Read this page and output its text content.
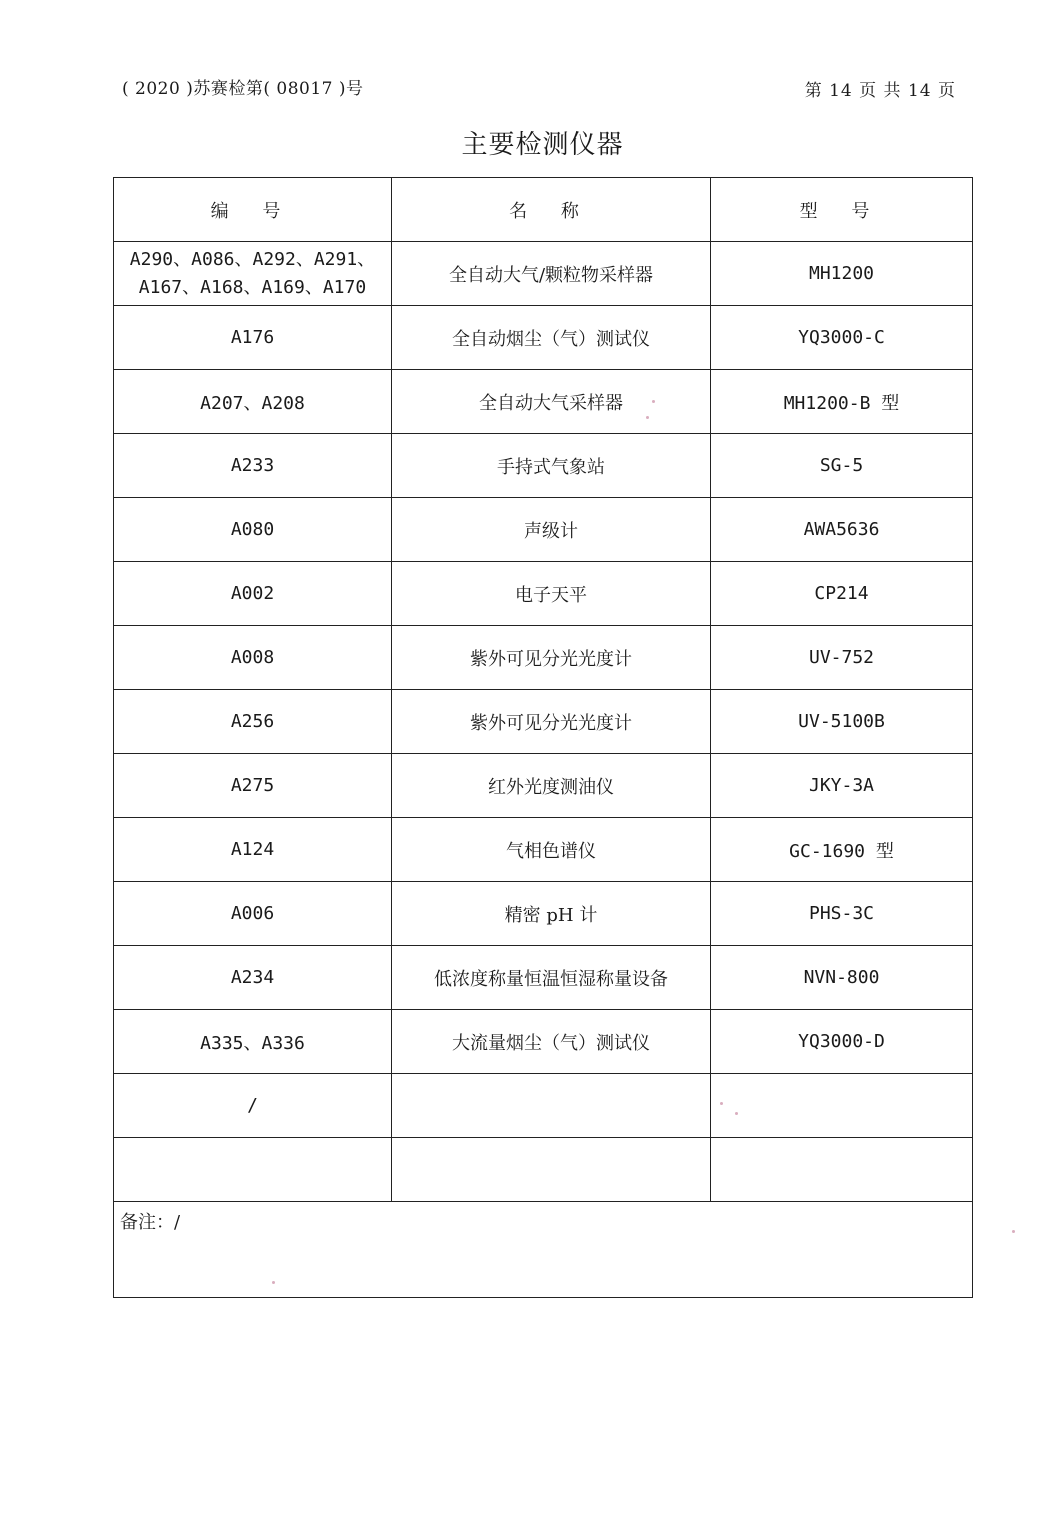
( 2020 )苏赛检第( 08017 )号	第 14 页 共 14 页
主要检测仪器
编 号	名 称	型 号
A290、A086、A292、A291、A167、A168、A169、A170	全自动大气/颗粒物采样器	MH1200
A176	全自动烟尘（气）测试仪	YQ3000-C
A207、A208	全自动大气采样器	MH1200-B 型
A233	手持式气象站	SG-5
A080	声级计	AWA5636
A002	电子天平	CP214
A008	紫外可见分光光度计	UV-752
A256	紫外可见分光光度计	UV-5100B
A275	红外光度测油仪	JKY-3A
A124	气相色谱仪	GC-1690 型
A006	精密 pH 计	PHS-3C
A234	低浓度称量恒温恒湿称量设备	NVN-800
A335、A336	大流量烟尘（气）测试仪	YQ3000-D
/		

备注：/		
